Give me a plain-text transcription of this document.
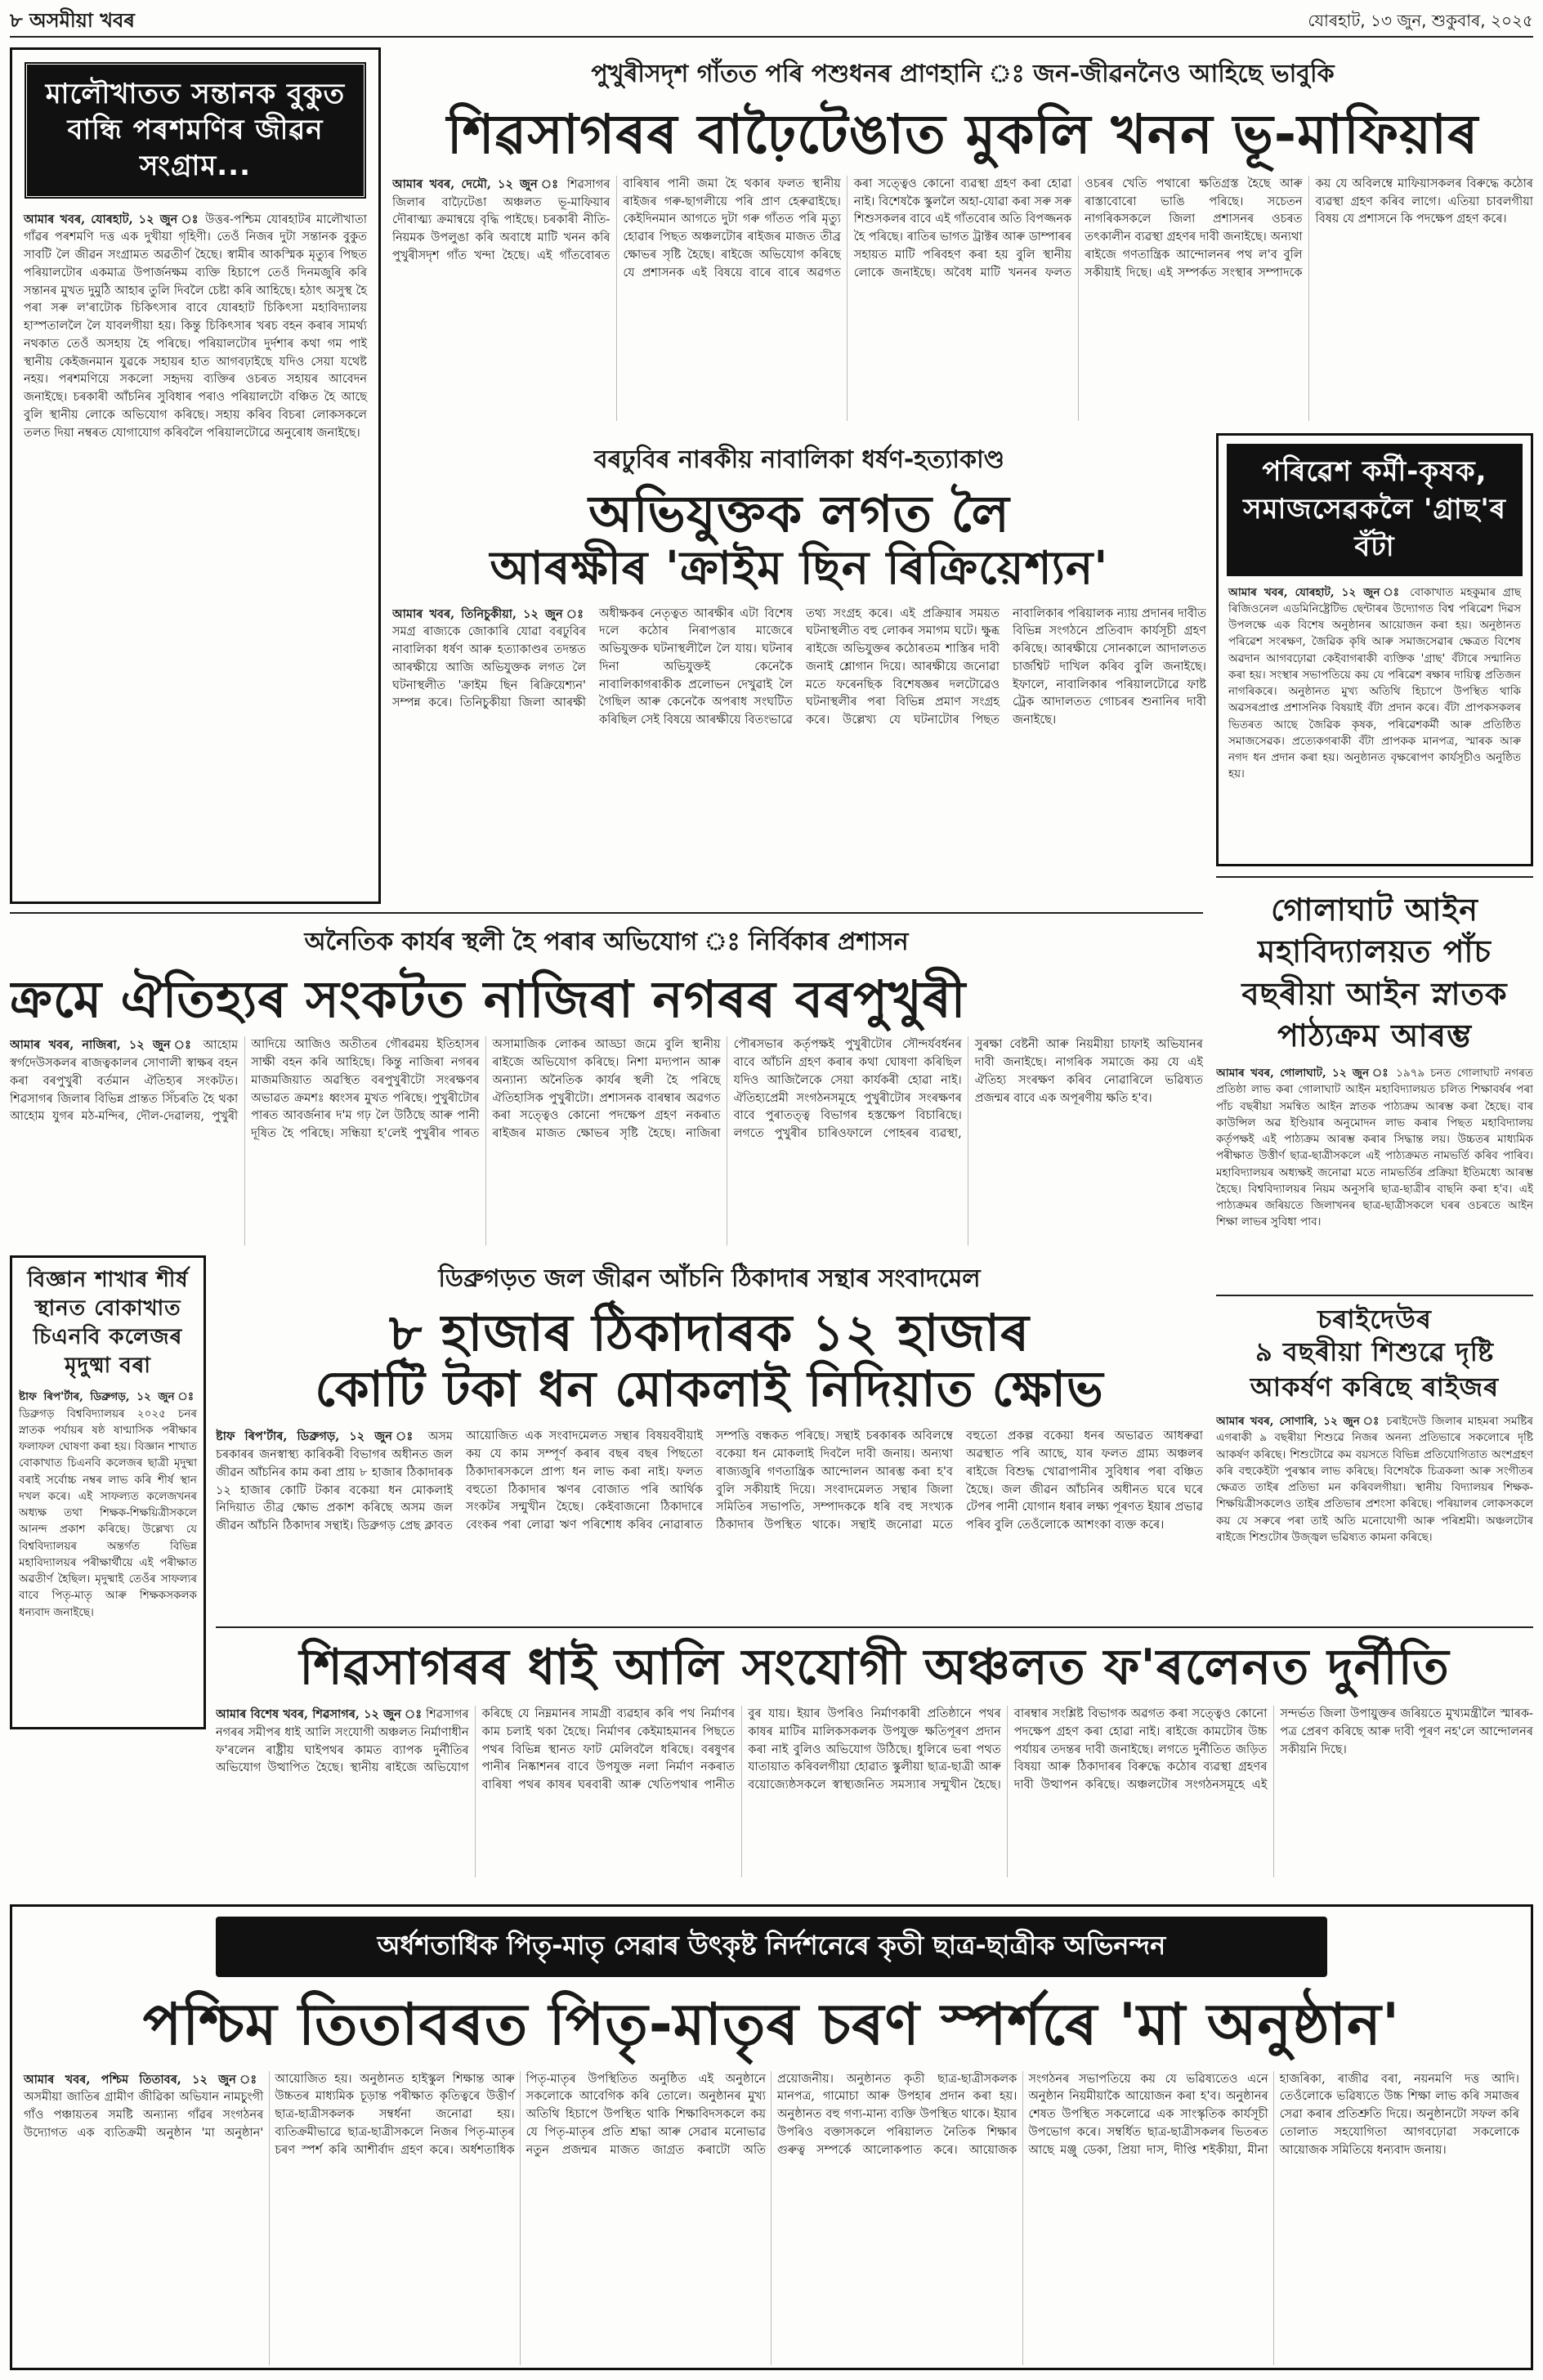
৮ অসমীয়া খবৰ	যোৰহাট, ১৩ জুন, শুকুবাৰ, ২০২৫
মালৌখাতত সন্তানক বুকুত বান্ধি পৰশমণিৰ জীৱন সংগ্ৰাম...
আমাৰ খবৰ, যোৰহাট, ১২ জুন ঃ উত্তৰ-পশ্চিম যোৰহাটৰ মালৌখাতা গাঁৱৰ পৰশমণি দত্ত এক দুখীয়া গৃহিণী। তেওঁ নিজৰ দুটা সন্তানক বুকুত সাবটি লৈ জীৱন সংগ্ৰামত অৱতীৰ্ণ হৈছে। স্বামীৰ আকস্মিক মৃত্যুৰ পিছত পৰিয়ালটোৰ একমাত্ৰ উপাৰ্জনক্ষম ব্যক্তি হিচাপে তেওঁ দিনমজুৰি কৰি সন্তানৰ মুখত দুমুঠি আহাৰ তুলি দিবলৈ চেষ্টা কৰি আহিছে। হঠাৎ অসুস্থ হৈ পৰা সৰু ল'ৰাটোক চিকিৎসাৰ বাবে যোৰহাট চিকিৎসা মহাবিদ্যালয় হাস্পতাললৈ লৈ যাবলগীয়া হয়। কিন্তু চিকিৎসাৰ খৰচ বহন কৰাৰ সামৰ্থ্য নথকাত তেওঁ অসহায় হৈ পৰিছে। পৰিয়ালটোৰ দুৰ্দশাৰ কথা গম পাই স্থানীয় কেইজনমান যুৱকে সহায়ৰ হাত আগবঢ়াইছে যদিও সেয়া যথেষ্ট নহয়। পৰশমণিয়ে সকলো সহৃদয় ব্যক্তিৰ ওচৰত সহায়ৰ আবেদন জনাইছে। চৰকাৰী আঁচনিৰ সুবিধাৰ পৰাও পৰিয়ালটো বঞ্চিত হৈ আছে বুলি স্থানীয় লোকে অভিযোগ কৰিছে। সহায় কৰিব বিচৰা লোকসকলে তলত দিয়া নম্বৰত যোগাযোগ কৰিবলৈ পৰিয়ালটোৱে অনুৰোধ জনাইছে।
পুখুৰীসদৃশ গাঁতত পৰি পশুধনৰ প্ৰাণহানি ঃ জন-জীৱননৈও আহিছে ভাবুকি
শিৱসাগৰৰ বাঢ়ৈটেঙাত মুকলি খনন ভূ-মাফিয়াৰ
আমাৰ খবৰ, দেমৌ, ১২ জুন ঃ শিৱসাগৰ জিলাৰ বাঢ়ৈটেঙা অঞ্চলত ভূ-মাফিয়াৰ দৌৰাত্ম্য ক্ৰমান্বয়ে বৃদ্ধি পাইছে। চৰকাৰী নীতি-নিয়মক উপলুঙা কৰি অবাধে মাটি খনন কৰি পুখুৰীসদৃশ গাঁত খন্দা হৈছে। এই গাঁতবোৰত বাৰিষাৰ পানী জমা হৈ থকাৰ ফলত স্থানীয় ৰাইজৰ গৰু-ছাগলীয়ে পৰি প্ৰাণ হেৰুৱাইছে। কেইদিনমান আগতে দুটা গৰু গাঁতত পৰি মৃত্যু হোৱাৰ পিছত অঞ্চলটোৰ ৰাইজৰ মাজত তীব্ৰ ক্ষোভৰ সৃষ্টি হৈছে। ৰাইজে অভিযোগ কৰিছে যে প্ৰশাসনক এই বিষয়ে বাৰে বাৰে অৱগত কৰা সত্ত্বেও কোনো ব্যৱস্থা গ্ৰহণ কৰা হোৱা নাই। বিশেষকৈ স্কুললৈ অহা-যোৱা কৰা সৰু সৰু শিশুসকলৰ বাবে এই গাঁতবোৰ অতি বিপজ্জনক হৈ পৰিছে। ৰাতিৰ ভাগত ট্ৰাক্টৰ আৰু ডাম্পাৰৰ সহায়ত মাটি পৰিবহণ কৰা হয় বুলি স্থানীয় লোকে জনাইছে। অবৈধ মাটি খননৰ ফলত ওচৰৰ খেতি পথাৰো ক্ষতিগ্ৰস্ত হৈছে আৰু ৰাস্তাবোৰো ভাঙি পৰিছে। সচেতন নাগৰিকসকলে জিলা প্ৰশাসনৰ ওচৰত তৎকালীন ব্যৱস্থা গ্ৰহণৰ দাবী জনাইছে। অন্যথা ৰাইজে গণতান্ত্ৰিক আন্দোলনৰ পথ ল'ব বুলি সকীয়াই দিছে। এই সম্পৰ্কত সংস্থাৰ সম্পাদকে কয় যে অবিলম্বে মাফিয়াসকলৰ বিৰুদ্ধে কঠোৰ ব্যৱস্থা গ্ৰহণ কৰিব লাগে। এতিয়া চাবলগীয়া বিষয় যে প্ৰশাসনে কি পদক্ষেপ গ্ৰহণ কৰে।
বৰঢুবিৰ নাৰকীয় নাবালিকা ধৰ্ষণ-হত্যাকাণ্ড
অভিযুক্তক লগত লৈ
আৰক্ষীৰ 'ক্ৰাইম ছিন ৰিক্ৰিয়েশ্যন'
আমাৰ খবৰ, তিনিচুকীয়া, ১২ জুন ঃ সমগ্ৰ ৰাজ্যকে জোকাৰি যোৱা বৰঢুবিৰ নাবালিকা ধৰ্ষণ আৰু হত্যাকাণ্ডৰ তদন্তত আৰক্ষীয়ে আজি অভিযুক্তক লগত লৈ ঘটনাস্থলীত 'ক্ৰাইম ছিন ৰিক্ৰিয়েশ্যন' সম্পন্ন কৰে। তিনিচুকীয়া জিলা আৰক্ষী অধীক্ষকৰ নেতৃত্বত আৰক্ষীৰ এটা বিশেষ দলে কঠোৰ নিৰাপত্তাৰ মাজেৰে অভিযুক্তক ঘটনাস্থলীলৈ লৈ যায়। ঘটনাৰ দিনা অভিযুক্তই কেনেকৈ নাবালিকাগৰাকীক প্ৰলোভন দেখুৱাই লৈ গৈছিল আৰু কেনেকৈ অপৰাধ সংঘটিত কৰিছিল সেই বিষয়ে আৰক্ষীয়ে বিতংভাৱে তথ্য সংগ্ৰহ কৰে। এই প্ৰক্ৰিয়াৰ সময়ত ঘটনাস্থলীত বহু লোকৰ সমাগম ঘটে। ক্ষুব্ধ ৰাইজে অভিযুক্তৰ কঠোৰতম শাস্তিৰ দাবী জনাই শ্লোগান দিয়ে। আৰক্ষীয়ে জনোৱা মতে ফৰেনছিক বিশেষজ্ঞৰ দলটোৱেও ঘটনাস্থলীৰ পৰা বিভিন্ন প্ৰমাণ সংগ্ৰহ কৰে। উল্লেখ্য যে ঘটনাটোৰ পিছত নাবালিকাৰ পৰিয়ালক ন্যায় প্ৰদানৰ দাবীত বিভিন্ন সংগঠনে প্ৰতিবাদ কাৰ্যসূচী গ্ৰহণ কৰিছে। আৰক্ষীয়ে সোনকালে আদালতত চাৰ্জশ্বিট দাখিল কৰিব বুলি জনাইছে। ইফালে, নাবালিকাৰ পৰিয়ালটোৱে ফাষ্ট ট্ৰেক আদালতত গোচৰৰ শুনানিৰ দাবী জনাইছে।
পৰিৱেশ কৰ্মী-কৃষক, সমাজসেৱকলৈ 'গ্ৰাছ'ৰ বঁটা
আমাৰ খবৰ, যোৰহাট, ১২ জুন ঃ বোকাখাত মহকুমাৰ গ্ৰাছ ৰিজিওনেল এডমিনিষ্ট্ৰেটিভ ছেন্টাৰৰ উদ্যোগত বিশ্ব পৰিৱেশ দিৱস উপলক্ষে এক বিশেষ অনুষ্ঠানৰ আয়োজন কৰা হয়। অনুষ্ঠানত পৰিৱেশ সংৰক্ষণ, জৈৱিক কৃষি আৰু সমাজসেৱাৰ ক্ষেত্ৰত বিশেষ অৱদান আগবঢ়োৱা কেইবাগৰাকী ব্যক্তিক 'গ্ৰাছ' বঁটাৰে সন্মানিত কৰা হয়। সংস্থাৰ সভাপতিয়ে কয় যে পৰিৱেশ ৰক্ষাৰ দায়িত্ব প্ৰতিজন নাগৰিকৰে। অনুষ্ঠানত মুখ্য অতিথি হিচাপে উপস্থিত থাকি অৱসৰপ্ৰাপ্ত প্ৰশাসনিক বিষয়াই বঁটা প্ৰদান কৰে। বঁটা প্ৰাপকসকলৰ ভিতৰত আছে জৈৱিক কৃষক, পৰিৱেশকৰ্মী আৰু প্ৰতিষ্ঠিত সমাজসেৱক। প্ৰত্যেকগৰাকী বঁটা প্ৰাপকক মানপত্ৰ, স্মাৰক আৰু নগদ ধন প্ৰদান কৰা হয়। অনুষ্ঠানত বৃক্ষৰোপণ কাৰ্যসূচীও অনুষ্ঠিত হয়।
অনৈতিক কাৰ্যৰ স্থলী হৈ পৰাৰ অভিযোগ ঃ নিৰ্বিকাৰ প্ৰশাসন
ক্ৰমে ঐতিহ্যৰ সংকটত নাজিৰা নগৰৰ বৰপুখুৰী
আমাৰ খবৰ, নাজিৰা, ১২ জুন ঃ আহোম স্বৰ্গদেউসকলৰ ৰাজত্বকালৰ সোণালী স্বাক্ষৰ বহন কৰা বৰপুখুৰী বৰ্তমান ঐতিহ্যৰ সংকটত। শিৱসাগৰ জিলাৰ বিভিন্ন প্ৰান্তত সিঁচৰতি হৈ থকা আহোম যুগৰ মঠ-মন্দিৰ, দৌল-দেৱালয়, পুখুৰী আদিয়ে আজিও অতীতৰ গৌৰৱময় ইতিহাসৰ সাক্ষী বহন কৰি আহিছে। কিন্তু নাজিৰা নগৰৰ মাজমজিয়াত অৱস্থিত বৰপুখুৰীটো সংৰক্ষণৰ অভাৱত ক্ৰমশঃ ধ্বংসৰ মুখত পৰিছে। পুখুৰীটোৰ পাৰত আবৰ্জনাৰ দ'ম গঢ় লৈ উঠিছে আৰু পানী দূষিত হৈ পৰিছে। সন্ধিয়া হ'লেই পুখুৰীৰ পাৰত অসামাজিক লোকৰ আড্ডা জমে বুলি স্থানীয় ৰাইজে অভিযোগ কৰিছে। নিশা মদ্যপান আৰু অন্যান্য অনৈতিক কাৰ্যৰ স্থলী হৈ পৰিছে ঐতিহাসিক পুখুৰীটো। প্ৰশাসনক বাৰম্বাৰ অৱগত কৰা সত্ত্বেও কোনো পদক্ষেপ গ্ৰহণ নকৰাত ৰাইজৰ মাজত ক্ষোভৰ সৃষ্টি হৈছে। নাজিৰা পৌৰসভাৰ কৰ্তৃপক্ষই পুখুৰীটোৰ সৌন্দৰ্যবৰ্ধনৰ বাবে আঁচনি গ্ৰহণ কৰাৰ কথা ঘোষণা কৰিছিল যদিও আজিলৈকে সেয়া কাৰ্যকৰী হোৱা নাই। ঐতিহ্যপ্ৰেমী সংগঠনসমূহে পুখুৰীটোৰ সংৰক্ষণৰ বাবে পুৰাতত্ত্ব বিভাগৰ হস্তক্ষেপ বিচাৰিছে। লগতে পুখুৰীৰ চাৰিওফালে পোহৰৰ ব্যৱস্থা, সুৰক্ষা বেষ্টনী আৰু নিয়মীয়া চাফাই অভিযানৰ দাবী জনাইছে। নাগৰিক সমাজে কয় যে এই ঐতিহ্য সংৰক্ষণ কৰিব নোৱাৰিলে ভৱিষ্যত প্ৰজন্মৰ বাবে এক অপূৰণীয় ক্ষতি হ'ব।
গোলাঘাট আইন মহাবিদ্যালয়ত পাঁচ বছৰীয়া আইন স্নাতক পাঠ্যক্ৰম আৰম্ভ
আমাৰ খবৰ, গোলাঘাট, ১২ জুন ঃ ১৯৭৯ চনত গোলাঘাট নগৰত প্ৰতিষ্ঠা লাভ কৰা গোলাঘাট আইন মহাবিদ্যালয়ত চলিত শিক্ষাবৰ্ষৰ পৰা পাঁচ বছৰীয়া সমন্বিত আইন স্নাতক পাঠ্যক্ৰম আৰম্ভ কৰা হৈছে। বাৰ কাউন্সিল অৱ ইণ্ডিয়াৰ অনুমোদন লাভ কৰাৰ পিছত মহাবিদ্যালয় কৰ্তৃপক্ষই এই পাঠ্যক্ৰম আৰম্ভ কৰাৰ সিদ্ধান্ত লয়। উচ্চতৰ মাধ্যমিক পৰীক্ষাত উত্তীৰ্ণ ছাত্ৰ-ছাত্ৰীসকলে এই পাঠ্যক্ৰমত নামভৰ্তি কৰিব পাৰিব। মহাবিদ্যালয়ৰ অধ্যক্ষই জনোৱা মতে নামভৰ্তিৰ প্ৰক্ৰিয়া ইতিমধ্যে আৰম্ভ হৈছে। বিশ্ববিদ্যালয়ৰ নিয়ম অনুসৰি ছাত্ৰ-ছাত্ৰীৰ বাছনি কৰা হ'ব। এই পাঠ্যক্ৰমৰ জৰিয়তে জিলাখনৰ ছাত্ৰ-ছাত্ৰীসকলে ঘৰৰ ওচৰতে আইন শিক্ষা লাভৰ সুবিধা পাব।
বিজ্ঞান শাখাৰ শীৰ্ষ স্থানত বোকাখাত চিএনবি কলেজৰ মৃদুষ্মা বৰা
ষ্টাফ ৰিপ'ৰ্টাৰ, ডিব্ৰুগড়, ১২ জুন ঃ ডিব্ৰুগড় বিশ্ববিদ্যালয়ৰ ২০২৫ চনৰ স্নাতক পৰ্যায়ৰ ষষ্ঠ ষাণ্মাসিক পৰীক্ষাৰ ফলাফল ঘোষণা কৰা হয়। বিজ্ঞান শাখাত বোকাখাত চিএনবি কলেজৰ ছাত্ৰী মৃদুষ্মা বৰাই সৰ্বোচ্চ নম্বৰ লাভ কৰি শীৰ্ষ স্থান দখল কৰে। এই সাফল্যত কলেজখনৰ অধ্যক্ষ তথা শিক্ষক-শিক্ষয়িত্ৰীসকলে আনন্দ প্ৰকাশ কৰিছে। উল্লেখ্য যে বিশ্ববিদ্যালয়ৰ অন্তৰ্গত বিভিন্ন মহাবিদ্যালয়ৰ পৰীক্ষাৰ্থীয়ে এই পৰীক্ষাত অৱতীৰ্ণ হৈছিল। মৃদুষ্মাই তেওঁৰ সাফল্যৰ বাবে পিতৃ-মাতৃ আৰু শিক্ষকসকলক ধন্যবাদ জনাইছে।
ডিব্ৰুগড়ত জল জীৱন আঁচনি ঠিকাদাৰ সন্থাৰ সংবাদমেল
৮ হাজাৰ ঠিকাদাৰক ১২ হাজাৰ
কোটি টকা ধন মোকলাই নিদিয়াত ক্ষোভ
ষ্টাফ ৰিপ'ৰ্টাৰ, ডিব্ৰুগড়, ১২ জুন ঃ অসম চৰকাৰৰ জনস্বাস্থ্য কাৰিকৰী বিভাগৰ অধীনত জল জীৱন আঁচনিৰ কাম কৰা প্ৰায় ৮ হাজাৰ ঠিকাদাৰক ১২ হাজাৰ কোটি টকাৰ বকেয়া ধন মোকলাই নিদিয়াত তীব্ৰ ক্ষোভ প্ৰকাশ কৰিছে অসম জল জীৱন আঁচনি ঠিকাদাৰ সন্থাই। ডিব্ৰুগড় প্ৰেছ ক্লাবত আয়োজিত এক সংবাদমেলত সন্থাৰ বিষয়ববীয়াই কয় যে কাম সম্পূৰ্ণ কৰাৰ বছৰ বছৰ পিছতো ঠিকাদাৰসকলে প্ৰাপ্য ধন লাভ কৰা নাই। ফলত বহুতো ঠিকাদাৰ ঋণৰ বোজাত পৰি আৰ্থিক সংকটৰ সন্মুখীন হৈছে। কেইবাজনো ঠিকাদাৰে বেংকৰ পৰা লোৱা ঋণ পৰিশোধ কৰিব নোৱাৰাত সম্পত্তি বন্ধকত পৰিছে। সন্থাই চৰকাৰক অবিলম্বে বকেয়া ধন মোকলাই দিবলৈ দাবী জনায়। অন্যথা ৰাজ্যজুৰি গণতান্ত্ৰিক আন্দোলন আৰম্ভ কৰা হ'ব বুলি সকীয়াই দিয়ে। সংবাদমেলত সন্থাৰ জিলা সমিতিৰ সভাপতি, সম্পাদককে ধৰি বহু সংখ্যক ঠিকাদাৰ উপস্থিত থাকে। সন্থাই জনোৱা মতে বহুতো প্ৰকল্প বকেয়া ধনৰ অভাৱত আধৰুৱা অৱস্থাত পৰি আছে, যাৰ ফলত গ্ৰাম্য অঞ্চলৰ ৰাইজে বিশুদ্ধ খোৱাপানীৰ সুবিধাৰ পৰা বঞ্চিত হৈছে। জল জীৱন আঁচনিৰ অধীনত ঘৰে ঘৰে টেপৰ পানী যোগান ধৰাৰ লক্ষ্য পূৰণত ইয়াৰ প্ৰভাৱ পৰিব বুলি তেওঁলোকে আশংকা ব্যক্ত কৰে।
চৰাইদেউৰ
৯ বছৰীয়া শিশুৱে দৃষ্টি আকৰ্ষণ কৰিছে ৰাইজৰ
আমাৰ খবৰ, সোণাৰি, ১২ জুন ঃ চৰাইদেউ জিলাৰ মাহমৰা সমষ্টিৰ এগৰাকী ৯ বছৰীয়া শিশুৱে নিজৰ অনন্য প্ৰতিভাৰে সকলোৰে দৃষ্টি আকৰ্ষণ কৰিছে। শিশুটোৱে কম বয়সতে বিভিন্ন প্ৰতিযোগিতাত অংশগ্ৰহণ কৰি বহুকেইটা পুৰস্কাৰ লাভ কৰিছে। বিশেষকৈ চিত্ৰকলা আৰু সংগীতৰ ক্ষেত্ৰত তাইৰ প্ৰতিভা মন কৰিবলগীয়া। স্থানীয় বিদ্যালয়ৰ শিক্ষক-শিক্ষয়িত্ৰীসকলেও তাইৰ প্ৰতিভাৰ প্ৰশংসা কৰিছে। পৰিয়ালৰ লোকসকলে কয় যে সৰুৰে পৰা তাই অতি মনোযোগী আৰু পৰিশ্ৰমী। অঞ্চলটোৰ ৰাইজে শিশুটোৰ উজ্জ্বল ভৱিষ্যত কামনা কৰিছে।
শিৱসাগৰৰ ধাই আলি সংযোগী অঞ্চলত ফ'ৰলেনত দুৰ্নীতি
আমাৰ বিশেষ খবৰ, শিৱসাগৰ, ১২ জুন ঃ শিৱসাগৰ নগৰৰ সমীপৰ ধাই আলি সংযোগী অঞ্চলত নিৰ্মাণাধীন ফ'ৰলেন ৰাষ্ট্ৰীয় ঘাইপথৰ কামত ব্যাপক দুৰ্নীতিৰ অভিযোগ উত্থাপিত হৈছে। স্থানীয় ৰাইজে অভিযোগ কৰিছে যে নিম্নমানৰ সামগ্ৰী ব্যৱহাৰ কৰি পথ নিৰ্মাণৰ কাম চলাই থকা হৈছে। নিৰ্মাণৰ কেইমাহমানৰ পিছতে পথৰ বিভিন্ন স্থানত ফাট মেলিবলৈ ধৰিছে। বৰষুণৰ পানীৰ নিষ্কাশনৰ বাবে উপযুক্ত নলা নিৰ্মাণ নকৰাত বাৰিষা পথৰ কাষৰ ঘৰবাৰী আৰু খেতিপথাৰ পানীত বুৰ যায়। ইয়াৰ উপৰিও নিৰ্মাণকাৰী প্ৰতিষ্ঠানে পথৰ কাষৰ মাটিৰ মালিকসকলক উপযুক্ত ক্ষতিপূৰণ প্ৰদান কৰা নাই বুলিও অভিযোগ উঠিছে। ধুলিৰে ভৰা পথত যাতায়াত কৰিবলগীয়া হোৱাত স্কুলীয়া ছাত্ৰ-ছাত্ৰী আৰু বয়োজ্যেষ্ঠসকলে স্বাস্থ্যজনিত সমস্যাৰ সন্মুখীন হৈছে। বাৰম্বাৰ সংশ্লিষ্ট বিভাগক অৱগত কৰা সত্ত্বেও কোনো পদক্ষেপ গ্ৰহণ কৰা হোৱা নাই। ৰাইজে কামটোৰ উচ্চ পৰ্যায়ৰ তদন্তৰ দাবী জনাইছে। লগতে দুৰ্নীতিত জড়িত বিষয়া আৰু ঠিকাদাৰৰ বিৰুদ্ধে কঠোৰ ব্যৱস্থা গ্ৰহণৰ দাবী উত্থাপন কৰিছে। অঞ্চলটোৰ সংগঠনসমূহে এই সন্দৰ্ভত জিলা উপায়ুক্তৰ জৰিয়তে মুখ্যমন্ত্ৰীলৈ স্মাৰক-পত্ৰ প্ৰেৰণ কৰিছে আৰু দাবী পূৰণ নহ'লে আন্দোলনৰ সকীয়নি দিছে।
অৰ্ধশতাধিক পিতৃ-মাতৃ সেৱাৰ উৎকৃষ্ট নিৰ্দশনেৰে কৃতী ছাত্ৰ-ছাত্ৰীক অভিনন্দন
পশ্চিম তিতাবৰত পিতৃ-মাতৃৰ চৰণ স্পৰ্শৰে 'মা অনুষ্ঠান'
আমাৰ খবৰ, পশ্চিম তিতাবৰ, ১২ জুন ঃ অসমীয়া জাতিৰ গ্ৰামীণ জীৱিকা অভিযান নামচুংগী গাঁও পঞ্চায়তৰ সমষ্টি অন্যান্য গাঁৱৰ সংগঠনৰ উদ্যোগত এক ব্যতিক্ৰমী অনুষ্ঠান 'মা অনুষ্ঠান' আয়োজিত হয়। অনুষ্ঠানত হাইস্কুল শিক্ষান্ত আৰু উচ্চতৰ মাধ্যমিক চূড়ান্ত পৰীক্ষাত কৃতিত্বৰে উত্তীৰ্ণ ছাত্ৰ-ছাত্ৰীসকলক সম্বৰ্ধনা জনোৱা হয়। ব্যতিক্ৰমীভাৱে ছাত্ৰ-ছাত্ৰীসকলে নিজৰ পিতৃ-মাতৃৰ চৰণ স্পৰ্শ কৰি আশীৰ্বাদ গ্ৰহণ কৰে। অৰ্ধশতাধিক পিতৃ-মাতৃৰ উপস্থিতিত অনুষ্ঠিত এই অনুষ্ঠানে সকলোকে আবেগিক কৰি তোলে। অনুষ্ঠানৰ মুখ্য অতিথি হিচাপে উপস্থিত থাকি শিক্ষাবিদসকলে কয় যে পিতৃ-মাতৃৰ প্ৰতি শ্ৰদ্ধা আৰু সেৱাৰ মনোভাৱ নতুন প্ৰজন্মৰ মাজত জাগ্ৰত কৰাটো অতি প্ৰয়োজনীয়। অনুষ্ঠানত কৃতী ছাত্ৰ-ছাত্ৰীসকলক মানপত্ৰ, গামোচা আৰু উপহাৰ প্ৰদান কৰা হয়। অনুষ্ঠানত বহু গণ্য-মান্য ব্যক্তি উপস্থিত থাকে। ইয়াৰ উপৰিও বক্তাসকলে পৰিয়ালত নৈতিক শিক্ষাৰ গুৰুত্ব সম্পৰ্কে আলোকপাত কৰে। আয়োজক সংগঠনৰ সভাপতিয়ে কয় যে ভৱিষ্যতেও এনে অনুষ্ঠান নিয়মীয়াকৈ আয়োজন কৰা হ'ব। অনুষ্ঠানৰ শেষত উপস্থিত সকলোৱে এক সাংস্কৃতিক কাৰ্যসূচী উপভোগ কৰে। সম্বৰ্ধিত ছাত্ৰ-ছাত্ৰীসকলৰ ভিতৰত আছে মঞ্জু ডেকা, প্ৰিয়া দাস, দীপ্তি শইকীয়া, মীনা হাজৰিকা, ৰাজীৱ বৰা, নয়নমণি দত্ত আদি। তেওঁলোকে ভৱিষ্যতে উচ্চ শিক্ষা লাভ কৰি সমাজৰ সেৱা কৰাৰ প্ৰতিশ্ৰুতি দিয়ে। অনুষ্ঠানটো সফল কৰি তোলাত সহযোগিতা আগবঢ়োৱা সকলোকে আয়োজক সমিতিয়ে ধন্যবাদ জনায়।
